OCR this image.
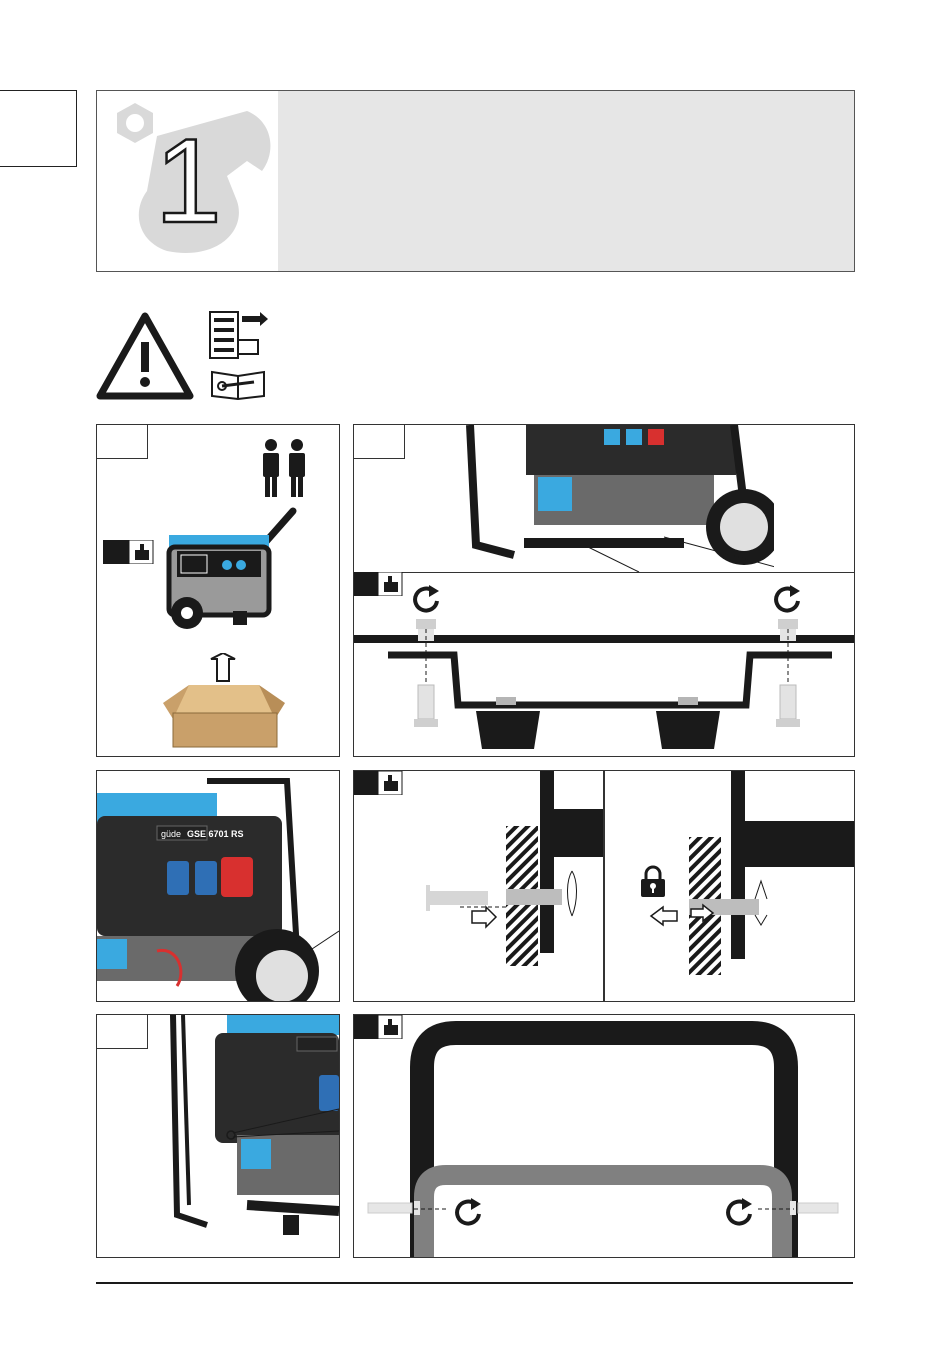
1
güde GSE 6701 RS
